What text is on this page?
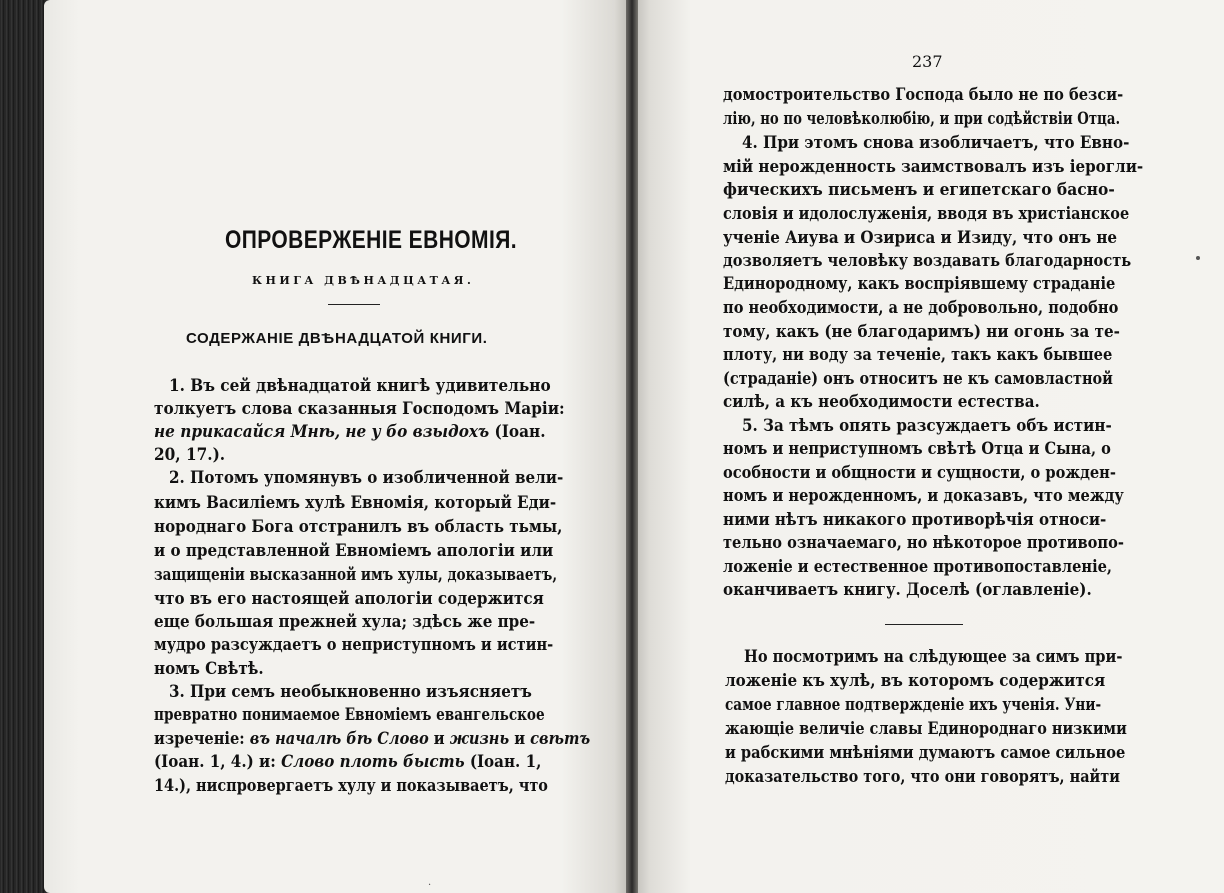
ОПРОВЕРЖЕНІЕ ЕВНОМІЯ.
КНИГА ДВѢНАДЦАТАЯ.
СОДЕРЖАНІЕ ДВѢНАДЦАТОЙ КНИГИ.
1. Въ сей двѣнадцатой книгѣ удивительно
толкуетъ слова сказанныя Господомъ Маріи:
не прикасайся Мнѣ, не у бо взыдохъ (Іоан.
20, 17.).
2. Потомъ упомянувъ о изобличенной вели-
кимъ Василіемъ хулѣ Евномія, который Еди-
нороднаго Бога отстранилъ въ область тьмы,
и о представленной Евноміемъ апологіи или
защищеніи высказанной имъ хулы, доказываетъ,
что въ его настоящей апологіи содержится
еще большая прежней хула; здѣсь же пре-
мудро разсуждаетъ о неприступномъ и истин-
номъ Свѣтѣ.
3. При семъ необыкновенно изъясняетъ
превратно понимаемое Евноміемъ евангельское
изреченіе: въ началѣ бѣ Слово и жизнь и свѣтъ
(Іоан. 1, 4.) и: Слово плоть бысть (Іоан. 1,
14.), ниспровергаетъ хулу и показываетъ, что
·
237
домостроительство Господа было не по безси-
лію, но по человѣколюбію, и при содѣйствіи Отца.
4. При этомъ снова изобличаетъ, что Евно-
мій нерожденность заимствовалъ изъ іерогли-
фическихъ письменъ и египетскаго басно-
словія и идолослуженія, вводя въ христіанское
ученіе Аиува и Озириса и Изиду, что онъ не
дозволяетъ человѣку воздавать благодарность
Единородному, какъ воспріявшему страданіе
по необходимости, а не добровольно, подобно
тому, какъ (не благодаримъ) ни огонь за те-
плоту, ни воду за теченіе, такъ какъ бывшее
(страданіе) онъ относитъ не къ самовластной
силѣ, а къ необходимости естества.
5. За тѣмъ опять разсуждаетъ объ истин-
номъ и неприступномъ свѣтѣ Отца и Сына, о
особности и общности и сущности, о рожден-
номъ и нерожденномъ, и доказавъ, что между
ними нѣтъ никакого противорѣчія относи-
тельно означаемаго, но нѣкоторое противопо-
ложеніе и естественное противопоставленіе,
оканчиваетъ книгу. Доселѣ (оглавленіе).
Но посмотримъ на слѣдующее за симъ при-
ложеніе къ хулѣ, въ которомъ содержится
самое главное подтвержденіе ихъ ученія. Уни-
жающіе величіе славы Единороднаго низкими
и рабскими мнѣніями думаютъ самое сильное
доказательство того, что они говорятъ, найти
